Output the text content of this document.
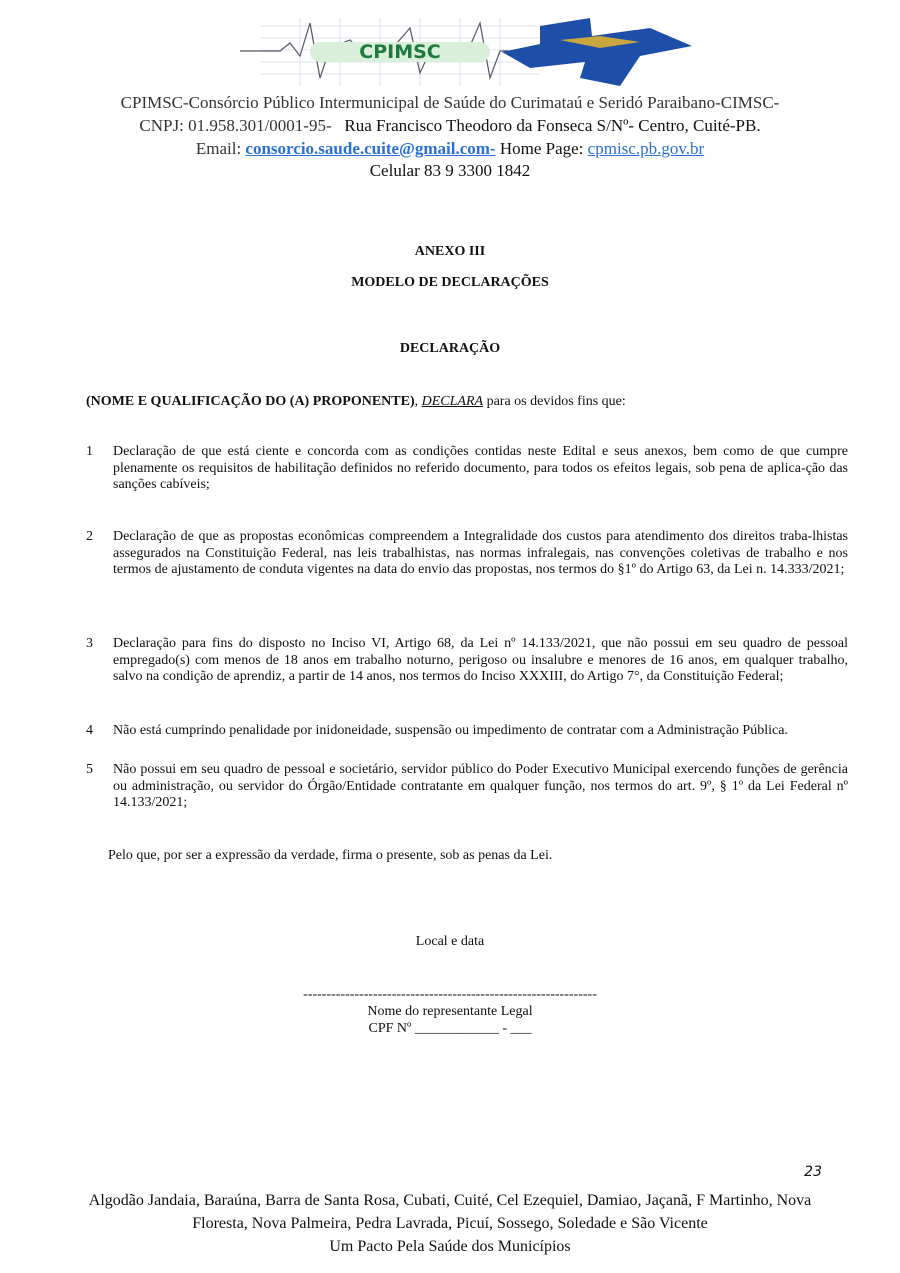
CPIMSC
CPIMSC-Consórcio Público Intermunicipal de Saúde do Curimataú e Seridó Paraibano-CIMSC-
CNPJ: 01.958.301/0001-95- Rua Francisco Theodoro da Fonseca S/Nº- Centro, Cuité-PB.
Email: consorcio.saude.cuite@gmail.com- Home Page: cpmisc.pb.gov.br
Celular 83 9 3300 1842
ANEXO III
MODELO DE DECLARAÇÕES
DECLARAÇÃO
(NOME E QUALIFICAÇÃO DO (A) PROPONENTE), DECLARA para os devidos fins que:
1 Declaração de que está ciente e concorda com as condições contidas neste Edital e seus anexos, bem como de que cumpre plenamente os requisitos de habilitação definidos no referido documento, para todos os efeitos legais, sob pena de aplica-ção das sanções cabíveis;
2 Declaração de que as propostas econômicas compreendem a Integralidade dos custos para atendimento dos direitos traba-lhistas assegurados na Constituição Federal, nas leis trabalhistas, nas normas infralegais, nas convenções coletivas de trabalho e nos termos de ajustamento de conduta vigentes na data do envio das propostas, nos termos do §1º do Artigo 63, da Lei n. 14.333/2021;
3 Declaração para fins do disposto no Inciso VI, Artigo 68, da Lei nº 14.133/2021, que não possui em seu quadro de pessoal empregado(s) com menos de 18 anos em trabalho noturno, perigoso ou insalubre e menores de 16 anos, em qualquer trabalho, salvo na condição de aprendiz, a partir de 14 anos, nos termos do Inciso XXXIII, do Artigo 7°, da Constituição Federal;
4 Não está cumprindo penalidade por inidoneidade, suspensão ou impedimento de contratar com a Administração Pública.
5 Não possui em seu quadro de pessoal e societário, servidor público do Poder Executivo Municipal exercendo funções de gerência ou administração, ou servidor do Órgão/Entidade contratante em qualquer função, nos termos do art. 9º, § 1º da Lei Federal nº 14.133/2021;
Pelo que, por ser a expressão da verdade, firma o presente, sob as penas da Lei.
Local e data
---------------------------------------------------------------
Nome do representante Legal
CPF Nº ____________ - ___
23
Algodão Jandaia, Baraúna, Barra de Santa Rosa, Cubati, Cuité, Cel Ezequiel, Damiao, Jaçanã, F Martinho, Nova
Floresta, Nova Palmeira, Pedra Lavrada, Picuí, Sossego, Soledade e São Vicente
Um Pacto Pela Saúde dos Municípios
